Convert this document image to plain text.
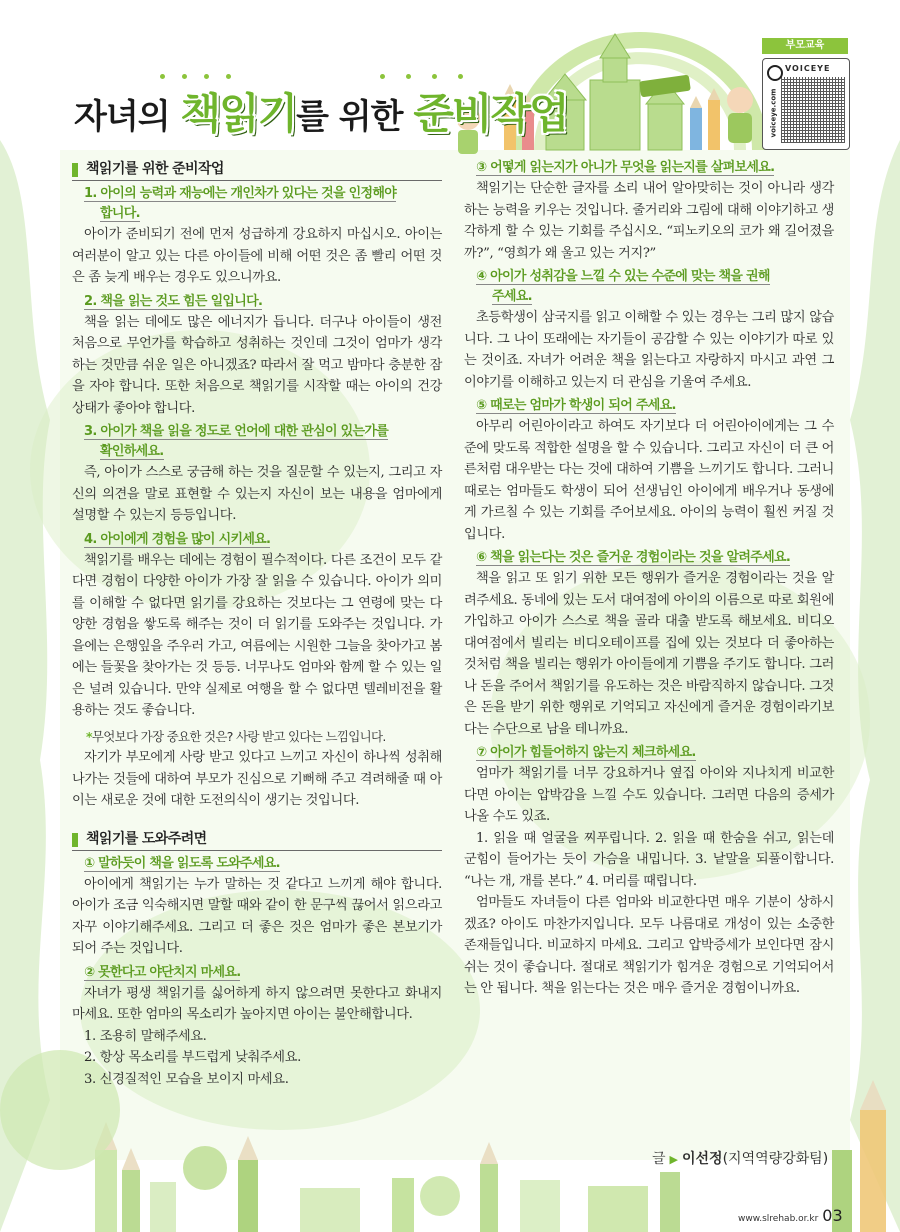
부모교육
VOICEYE
voiceye.com
자녀의 책읽기를 위한 준비작업
책읽기를 위한 준비작업
1. 아이의 능력과 재능에는 개인차가 있다는 것을 인정해야
합니다.

아이가 준비되기 전에 먼저 성급하게 강요하지 마십시오. 아이는 여러분이 알고 있는 다른 아이들에 비해 어떤 것은 좀 빨리 어떤 것은 좀 늦게 배우는 경우도 있으니까요.

2. 책을 읽는 것도 힘든 일입니다.

책을 읽는 데에도 많은 에너지가 듭니다. 더구나 아이들이 생전 처음으로 무언가를 학습하고 성취하는 것인데 그것이 엄마가 생각하는 것만큼 쉬운 일은 아니겠죠? 따라서 잘 먹고 밤마다 충분한 잠을 자야 합니다. 또한 처음으로 책읽기를 시작할 때는 아이의 건강상태가 좋아야 합니다.

3. 아이가 책을 읽을 정도로 언어에 대한 관심이 있는가를
확인하세요.

즉, 아이가 스스로 궁금해 하는 것을 질문할 수 있는지, 그리고 자신의 의견을 말로 표현할 수 있는지 자신이 보는 내용을 엄마에게 설명할 수 있는지 등등입니다.

4. 아이에게 경험을 많이 시키세요.

책읽기를 배우는 데에는 경험이 필수적이다. 다른 조건이 모두 같다면 경험이 다양한 아이가 가장 잘 읽을 수 있습니다. 아이가 의미를 이해할 수 없다면 읽기를 강요하는 것보다는 그 연령에 맞는 다양한 경험을 쌓도록 해주는 것이 더 읽기를 도와주는 것입니다. 가을에는 은행잎을 주우러 가고, 여름에는 시원한 그늘을 찾아가고 봄에는 들꽃을 찾아가는 것 등등. 너무나도 엄마와 함께 할 수 있는 일은 널려 있습니다. 만약 실제로 여행을 할 수 없다면 텔레비전을 활용하는 것도 좋습니다.

*무엇보다 가장 중요한 것은? 사랑 받고 있다는 느낌입니다.

자기가 부모에게 사랑 받고 있다고 느끼고 자신이 하나씩 성취해 나가는 것들에 대하여 부모가 진심으로 기뻐해 주고 격려해줄 때 아이는 새로운 것에 대한 도전의식이 생기는 것입니다.

책읽기를 도와주려면
① 말하듯이 책을 읽도록 도와주세요.

아이에게 책읽기는 누가 말하는 것 같다고 느끼게 해야 합니다. 아이가 조금 익숙해지면 말할 때와 같이 한 문구씩 끊어서 읽으라고 자꾸 이야기해주세요. 그리고 더 좋은 것은 엄마가 좋은 본보기가 되어 주는 것입니다.

② 못한다고 야단치지 마세요.

자녀가 평생 책읽기를 싫어하게 하지 않으려면 못한다고 화내지 마세요. 또한 엄마의 목소리가 높아지면 아이는 불안해합니다.

1. 조용히 말해주세요.
2. 항상 목소리를 부드럽게 낮춰주세요.
3. 신경질적인 모습을 보이지 마세요.
③ 어떻게 읽는지가 아니가 무엇을 읽는지를 살펴보세요.

책읽기는 단순한 글자를 소리 내어 알아맞히는 것이 아니라 생각하는 능력을 키우는 것입니다. 줄거리와 그림에 대해 이야기하고 생각하게 할 수 있는 기회를 주십시오. “피노키오의 코가 왜 길어졌을까?”, “영희가 왜 울고 있는 거지?”

④ 아이가 성취감을 느낄 수 있는 수준에 맞는 책을 권해
주세요.

초등학생이 삼국지를 읽고 이해할 수 있는 경우는 그리 많지 않습니다. 그 나이 또래에는 자기들이 공감할 수 있는 이야기가 따로 있는 것이죠. 자녀가 어려운 책을 읽는다고 자랑하지 마시고 과연 그 이야기를 이해하고 있는지 더 관심을 기울여 주세요.

⑤ 때로는 엄마가 학생이 되어 주세요.

아무리 어린아이라고 하여도 자기보다 더 어린아이에게는 그 수준에 맞도록 적합한 설명을 할 수 있습니다. 그리고 자신이 더 큰 어른처럼 대우받는 다는 것에 대하여 기쁨을 느끼기도 합니다. 그러니 때로는 엄마들도 학생이 되어 선생님인 아이에게 배우거나 동생에게 가르칠 수 있는 기회를 주어보세요. 아이의 능력이 훨씬 커질 것입니다.

⑥ 책을 읽는다는 것은 즐거운 경험이라는 것을 알려주세요.

책을 읽고 또 읽기 위한 모든 행위가 즐거운 경험이라는 것을 알려주세요. 동네에 있는 도서 대여점에 아이의 이름으로 따로 회원에 가입하고 아이가 스스로 책을 골라 대출 받도록 해보세요. 비디오 대여점에서 빌리는 비디오테이프를 집에 있는 것보다 더 좋아하는 것처럼 책을 빌리는 행위가 아이들에게 기쁨을 주기도 합니다. 그러나 돈을 주어서 책읽기를 유도하는 것은 바람직하지 않습니다. 그것은 돈을 받기 위한 행위로 기억되고 자신에게 즐거운 경험이라기보다는 수단으로 남을 테니까요.

⑦ 아이가 힘들어하지 않는지 체크하세요.

엄마가 책읽기를 너무 강요하거나 옆집 아이와 지나치게 비교한다면 아이는 압박감을 느낄 수도 있습니다. 그러면 다음의 증세가 나올 수도 있죠.

1. 읽을 때 얼굴을 찌푸립니다. 2. 읽을 때 한숨을 쉬고, 읽는데 군힘이 들어가는 듯이 가슴을 내밉니다. 3. 낱말을 되풀이합니다. “나는 개, 개를 본다.” 4. 머리를 때립니다.

엄마들도 자녀들이 다른 엄마와 비교한다면 매우 기분이 상하시겠죠? 아이도 마찬가지입니다. 모두 나름대로 개성이 있는 소중한 존재들입니다. 비교하지 마세요. 그리고 압박증세가 보인다면 잠시 쉬는 것이 좋습니다. 절대로 책읽기가 힘겨운 경험으로 기억되어서는 안 됩니다. 책을 읽는다는 것은 매우 즐거운 경험이니까요.

글 ▶ 이선정(지역역량강화팀)
www.slrehab.or.kr 03
